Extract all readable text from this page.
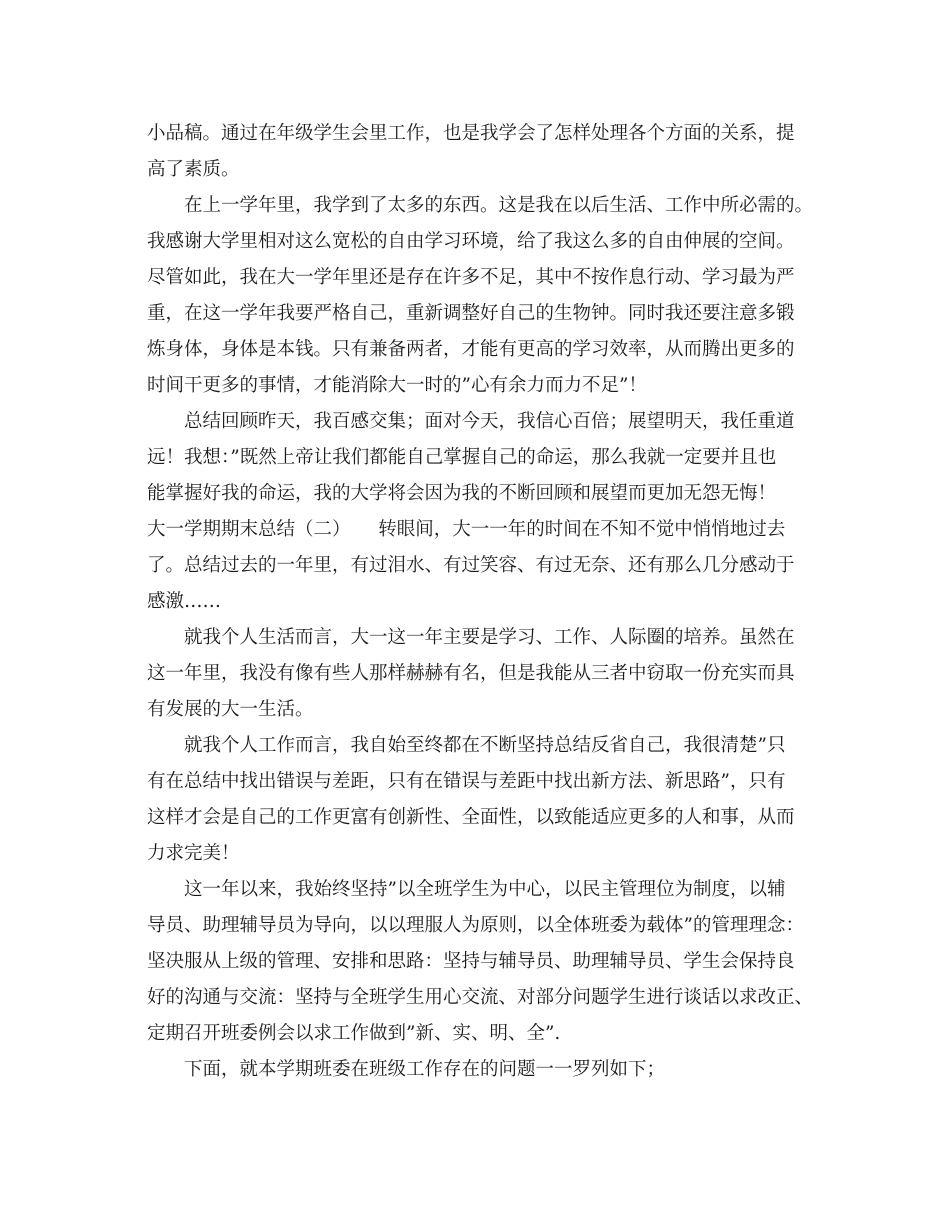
小品稿。通过在年级学生会里工作，也是我学会了怎样处理各个方面的关系，提
高了素质。
　　在上一学年里，我学到了太多的东西。这是我在以后生活、工作中所必需的。
我感谢大学里相对这么宽松的自由学习环境，给了我这么多的自由伸展的空间。
尽管如此，我在大一学年里还是存在许多不足，其中不按作息行动、学习最为严
重，在这一学年我要严格自己，重新调整好自己的生物钟。同时我还要注意多锻
炼身体，身体是本钱。只有兼备两者，才能有更高的学习效率，从而腾出更多的
时间干更多的事情，才能消除大一时的”心有余力而力不足”！
　　总结回顾昨天，我百感交集；面对今天，我信心百倍；展望明天，我任重道
远！我想：”既然上帝让我们都能自己掌握自己的命运，那么我就一定要并且也
能掌握好我的命运，我的大学将会因为我的不断回顾和展望而更加无怨无悔！
大一学期期末总结（二）　　转眼间，大一一年的时间在不知不觉中悄悄地过去
了。总结过去的一年里，有过泪水、有过笑容、有过无奈、还有那么几分感动于
感激……
　　就我个人生活而言，大一这一年主要是学习、工作、人际圈的培养。虽然在
这一年里，我没有像有些人那样赫赫有名，但是我能从三者中窃取一份充实而具
有发展的大一生活。
　　就我个人工作而言，我自始至终都在不断坚持总结反省自己，我很清楚”只
有在总结中找出错误与差距，只有在错误与差距中找出新方法、新思路”，只有
这样才会是自己的工作更富有创新性、全面性，以致能适应更多的人和事，从而
力求完美！
　　这一年以来，我始终坚持”以全班学生为中心，以民主管理位为制度，以辅
导员、助理辅导员为导向，以以理服人为原则，以全体班委为载体”的管理理念：
坚决服从上级的管理、安排和思路：坚持与辅导员、助理辅导员、学生会保持良
好的沟通与交流：坚持与全班学生用心交流、对部分问题学生进行谈话以求改正、
定期召开班委例会以求工作做到”新、实、明、全”.
　　下面，就本学期班委在班级工作存在的问题一一罗列如下；
